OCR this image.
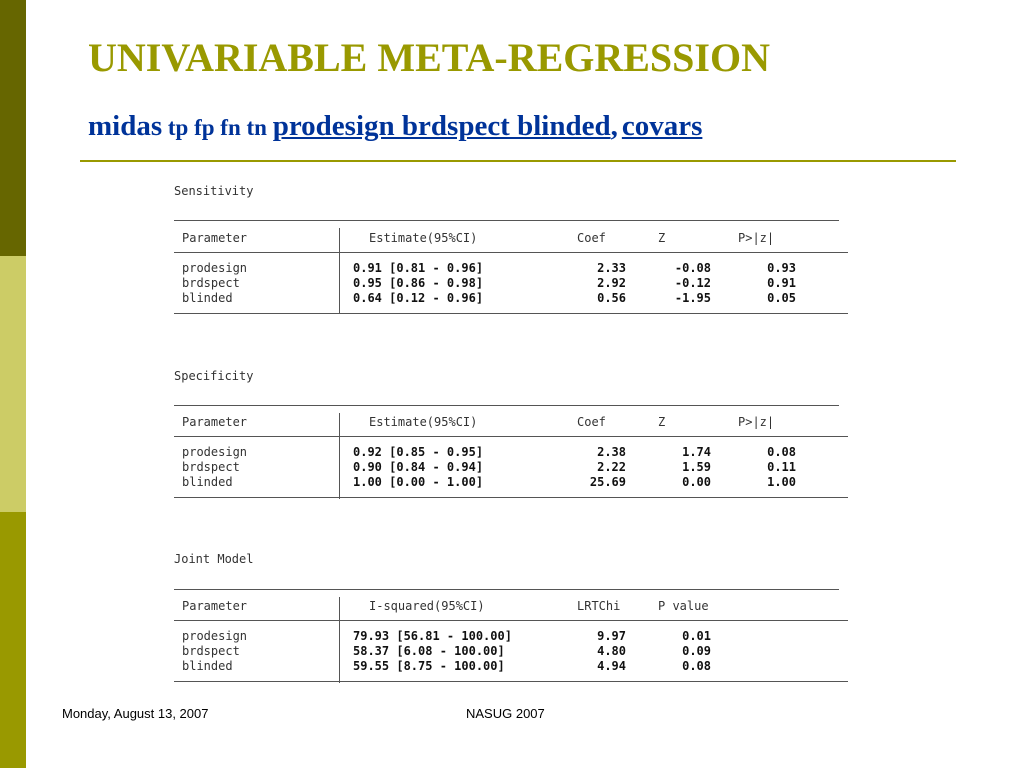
UNIVARIABLE META-REGRESSION
midas tp fp fn tn prodesign brdspect blinded, covars
Sensitivity
Parameter	Estimate(95%CI)	Coef	Z	P>|z|
prodesign	0.91 [0.81 - 0.96]	2.33	-0.08	0.93
brdspect	0.95 [0.86 - 0.98]	2.92	-0.12	0.91
blinded	0.64 [0.12 - 0.96]	0.56	-1.95	0.05
Specificity
Parameter	Estimate(95%CI)	Coef	Z	P>|z|
prodesign	0.92 [0.85 - 0.95]	2.38	1.74	0.08
brdspect	0.90 [0.84 - 0.94]	2.22	1.59	0.11
blinded	1.00 [0.00 - 1.00]	25.69	0.00	1.00
Joint Model
Parameter	I-squared(95%CI)	LRTChi	P value
prodesign	79.93 [56.81 - 100.00]	9.97	0.01
brdspect	58.37 [6.08 - 100.00]	4.80	0.09
blinded	59.55 [8.75 - 100.00]	4.94	0.08
Monday, August 13, 2007	NASUG 2007
